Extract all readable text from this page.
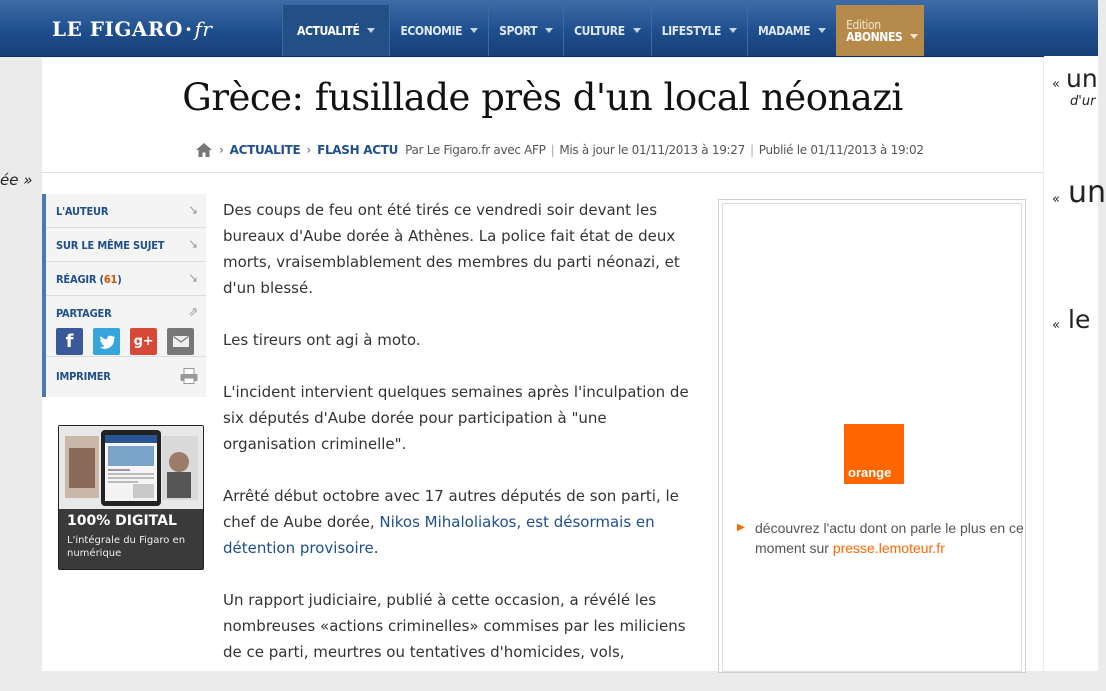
LE FIGARO · fr	ACTUALITÉ	ECONOMIE	SPORT	CULTURE	LIFESTYLE	MADAME	Edition
ABONNES
ée »
« un
d'ur
« un
« le
Grèce: fusillade près d'un local néonazi
› ACTUALITE › FLASH ACTU Par Le Figaro.fr avec AFP | Mis à jour le 01/11/2013 à 19:27 | Publié le 01/11/2013 à 19:02
L'AUTEUR	↘
SUR LE MÊME SUJET ↘
RÉAGIR (61)	↘
PARTAGER	⇗
f	g+
IMPRIMER
100% DIGITAL
L'intégrale du Figaro en numérique

Des coups de feu ont été tirés ce vendredi soir devant les bureaux d'Aube dorée à Athènes. La police fait état de deux morts, vraisemblablement des membres du parti néonazi, et d'un blessé.

Les tireurs ont agi à moto.

L'incident intervient quelques semaines après l'inculpation de six députés d'Aube dorée pour participation à "une organisation criminelle".

Arrêté début octobre avec 17 autres députés de son parti, le chef de Aube dorée, Nikos Mihaloliakos, est désormais en détention provisoire.

Un rapport judiciaire, publié à cette occasion, a révélé les nombreuses «actions criminelles» commises par les miliciens de ce parti, meurtres ou tentatives d'homicides, vols,

orange
▶ découvrez l'actu dont on parle le plus en ce moment sur presse.lemoteur.fr
